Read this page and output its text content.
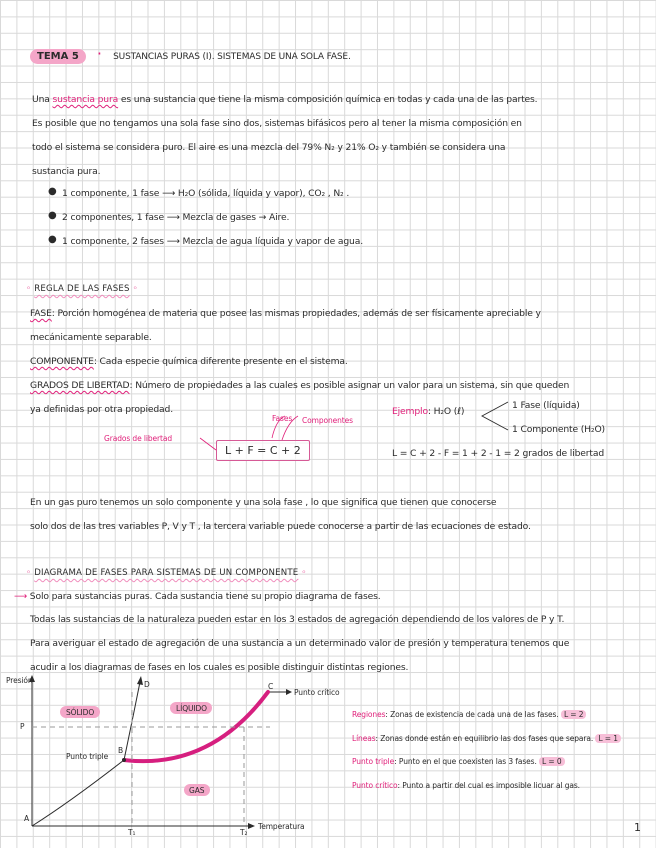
TEMA 5 · SUSTANCIAS PURAS (I). SISTEMAS DE UNA SOLA FASE.
Una sustancia pura es una sustancia que tiene la misma composición química en todas y cada una de las partes.
Es posible que no tengamos una sola fase sino dos, sistemas bifásicos pero al tener la misma composición en
todo el sistema se considera puro. El aire es una mezcla del 79% N₂ y 21% O₂ y también se considera una
sustancia pura.
● 1 componente, 1 fase ⟶ H₂O (sólida, líquida y vapor), CO₂ , N₂ .
● 2 componentes, 1 fase ⟶ Mezcla de gases → Aire.
● 1 componente, 2 fases ⟶ Mezcla de agua líquida y vapor de agua.
◦ REGLA DE LAS FASES ◦
FASE: Porción homogénea de materia que posee las mismas propiedades, además de ser físicamente apreciable y
mecánicamente separable.
COMPONENTE: Cada especie química diferente presente en el sistema.
GRADOS DE LIBERTAD: Número de propiedades a las cuales es posible asignar un valor para un sistema, sin que queden
ya definidas por otra propiedad.
Fases Componentes
Grados de libertad
L + F = C + 2
Ejemplo: H₂O (ℓ)
1 Fase (líquida)
1 Componente (H₂O)
L = C + 2 - F = 1 + 2 - 1 = 2 grados de libertad
En un gas puro tenemos un solo componente y una sola fase , lo que significa que tienen que conocerse
solo dos de las tres variables P, V y T , la tercera variable puede conocerse a partir de las ecuaciones de estado.
◦ DIAGRAMA DE FASES PARA SISTEMAS DE UN COMPONENTE ◦
⟶ Solo para sustancias puras. Cada sustancia tiene su propio diagrama de fases.
Todas las sustancias de la naturaleza pueden estar en los 3 estados de agregación dependiendo de los valores de P y T.
Para averiguar el estado de agregación de una sustancia a un determinado valor de presión y temperatura tenemos que
acudir a los diagramas de fases en los cuales es posible distinguir distintas regiones.
Presión
Temperatura
P
SÓLIDO	LÍQUIDO
GAS
Punto triple
Punto crítico
A
B
C
D
T₁	T₂
Regiones: Zonas de existencia de cada una de las fases. L = 2
Líneas: Zonas donde están en equilibrio las dos fases que separa. L = 1
Punto triple: Punto en el que coexisten las 3 fases. L = 0
Punto crítico: Punto a partir del cual es imposible licuar al gas.
1
